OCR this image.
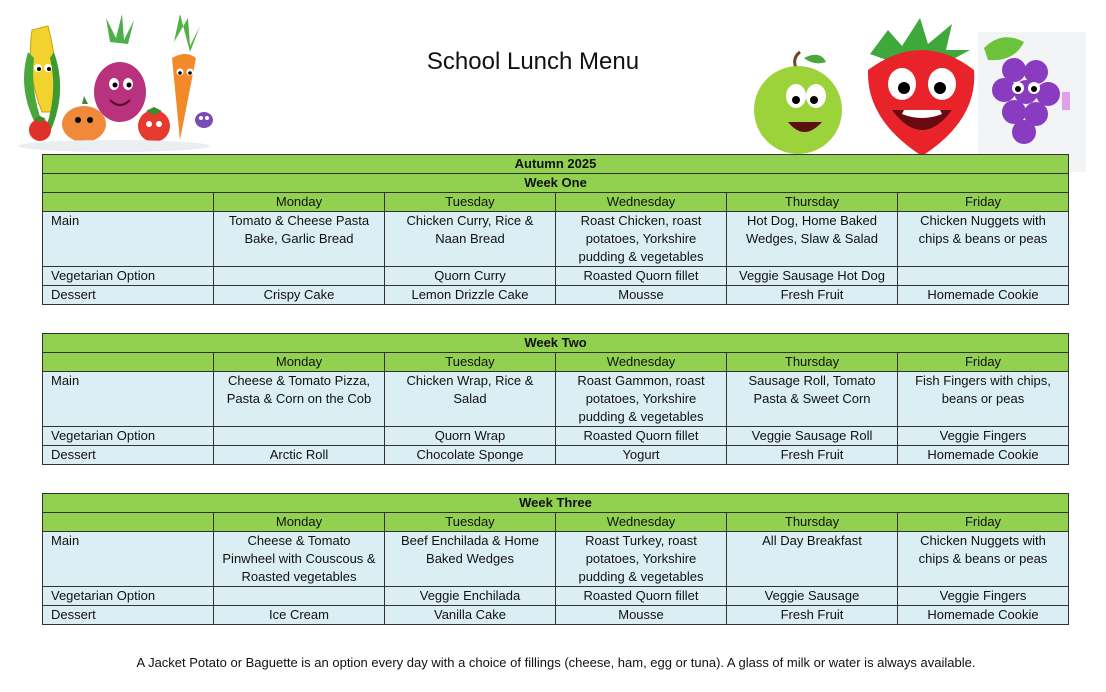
School Lunch Menu
Autumn 2025					
Week One					
	Monday	Tuesday	Wednesday	Thursday	Friday
Main	Tomato & Cheese Pasta Bake, Garlic Bread	Chicken Curry, Rice & Naan Bread	Roast Chicken, roast potatoes, Yorkshire pudding & vegetables	Hot Dog, Home Baked Wedges, Slaw & Salad	Chicken Nuggets with chips & beans or peas
Vegetarian Option		Quorn Curry	Roasted Quorn fillet	Veggie Sausage Hot Dog	
Dessert	Crispy Cake	Lemon Drizzle Cake	Mousse	Fresh Fruit	Homemade Cookie
Week Two					
	Monday	Tuesday	Wednesday	Thursday	Friday
Main	Cheese & Tomato Pizza, Pasta & Corn on the Cob	Chicken Wrap, Rice & Salad	Roast Gammon, roast potatoes, Yorkshire pudding & vegetables	Sausage Roll, Tomato Pasta & Sweet Corn	Fish Fingers with chips, beans or peas
Vegetarian Option		Quorn Wrap	Roasted Quorn fillet	Veggie Sausage Roll	Veggie Fingers
Dessert	Arctic Roll	Chocolate Sponge	Yogurt	Fresh Fruit	Homemade Cookie
Week Three					
	Monday	Tuesday	Wednesday	Thursday	Friday
Main	Cheese & Tomato Pinwheel with Couscous & Roasted vegetables	Beef Enchilada & Home Baked Wedges	Roast Turkey, roast potatoes, Yorkshire pudding & vegetables	All Day Breakfast	Chicken Nuggets with chips & beans or peas
Vegetarian Option		Veggie Enchilada	Roasted Quorn fillet	Veggie Sausage	Veggie Fingers
Dessert	Ice Cream	Vanilla Cake	Mousse	Fresh Fruit	Homemade Cookie
A Jacket Potato or Baguette is an option every day with a choice of fillings (cheese, ham, egg or tuna). A glass of milk or water is always available.
